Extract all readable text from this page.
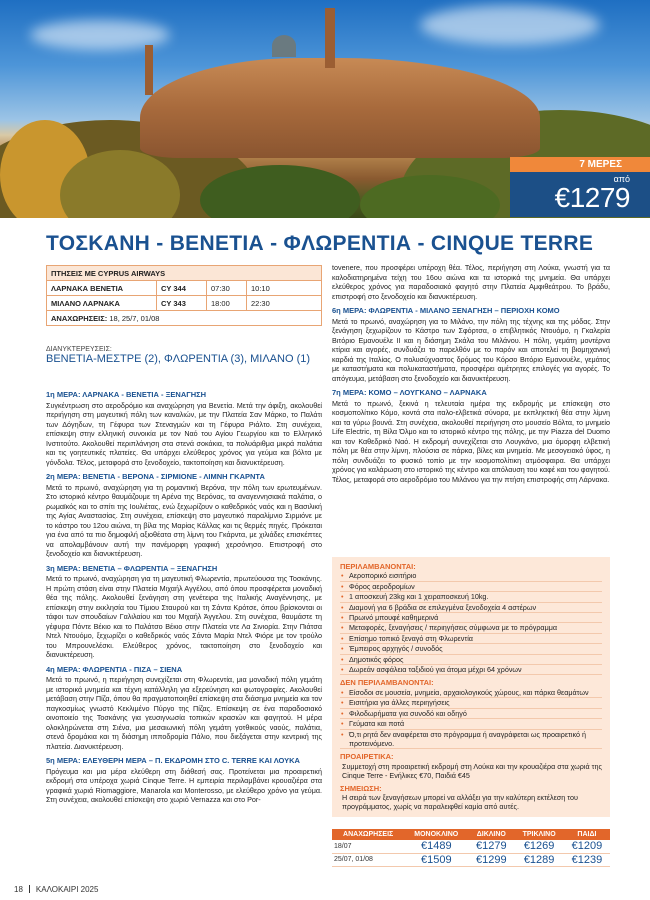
7 ΜΕΡΕΣ
από
€1279
ΤΟΣΚΑΝΗ - ΒΕΝΕΤΙΑ - ΦΛΩΡΕΝΤΙΑ - CINQUE TERRE
ΠΤΗΣΕΙΣ ΜΕ CYPRUS AIRWAYS			
ΛΑΡΝΑΚΑ ΒΕΝΕΤΙΑ	CY 344	07:30	10:10
ΜΙΛΑΝΟ ΛΑΡΝΑΚΑ	CY 343	18:00	22:30
ΑΝΑΧΩΡΗΣΕΙΣ: 18, 25/7, 01/08			
ΔΙΑΝΥΚΤΕΡΕΥΣΕΙΣ:
ΒΕΝΕΤΙΑ-ΜΕΣΤΡΕ (2), ΦΛΩΡΕΝΤΙΑ (3), ΜΙΛΑΝΟ (1)
1η ΜΕΡΑ: ΛΑΡΝΑΚΑ - ΒΕΝΕΤΙΑ - ΞΕΝΑΓΗΣΗ
Συγκέντρωση στο αεροδρόμιο και αναχώρηση για Βενετία. Μετά την άφιξη, ακολουθεί περιήγηση στη μαγευτική πόλη των καναλιών, με την Πλατεία Σαν Μάρκο, το Παλάτι των Δόγηδων, τη Γέφυρα των Στεναγμών και τη Γέφυρα Ριάλτο. Στη συνέχεια, επίσκεψη στην ελληνική συνοικία με τον Ναό του Αγίου Γεωργίου και το Ελληνικό Ινστιτούτο. Ακολουθεί περιπλάνηση στα στενά σοκάκια, τα πολυάριθμα μικρά παλάτια και τις γοητευτικές πλατείες. Θα υπάρχει ελεύθερος χρόνος για γεύμα και βόλτα με γόνδολα. Τέλος, μεταφορά στο ξενοδοχείο, τακτοποίηση και διανυκτέρευση.
2η ΜΕΡΑ: ΒΕΝΕΤΙΑ - ΒΕΡΟΝΑ - ΣΙΡΜΙΟΝΕ - ΛΙΜΝΗ ΓΚΑΡΝΤΑ
Μετά το πρωινό, αναχώρηση για τη ρομαντική Βερόνα, την πόλη των ερωτευμένων. Στο ιστορικό κέντρο θαυμάζουμε τη Αρένα της Βερόνας, τα αναγεννησιακά παλάτια, ο ρωμαϊκός και το σπίτι της Ιουλιέτας, ενώ ξεχωρίζουν ο καθεδρικός ναός και η Βασιλική της Αγίας Αναστασίας. Στη συνέχεια, επίσκεψη στο μαγευτικό παραλίμνιο Σιρμιόνε με το κάστρο του 12ου αιώνα, τη βίλα της Μαρίας Κάλλας και τις θερμές πηγές. Πρόκειται για ένα από τα πιο δημοφιλή αξιοθέατα στη λίμνη του Γκάρντα, με χιλιάδες επισκέπτες να απολαμβάνουν αυτή την πανέμορφη γραφική χερσόνησο. Επιστροφή στο ξενοδοχείο και διανυκτέρευση.
3η ΜΕΡΑ: ΒΕΝΕΤΙΑ – ΦΛΩΡΕΝΤΙΑ – ΞΕΝΑΓΗΣΗ
Μετά το πρωινό, αναχώρηση για τη μαγευτική Φλωρεντία, πρωτεύουσα της Τοσκάνης. Η πρώτη στάση είναι στην Πλατεία Μιχαήλ Αγγέλου, από όπου προσφέρεται μοναδική θέα της πόλης. Ακολουθεί ξενάγηση στη γενέτειρα της Ιταλικής Αναγέννησης, με επίσκεψη στην εκκλησία του Τίμιου Σταυρού και τη Σάντα Κρότσε, όπου βρίσκονται οι τάφοι των σπουδαίων Γαλιλαίου και του Μιχαήλ Άγγελου. Στη συνέχεια, θαυμάστε τη γέφυρα Πόντε Βέκιο και το Παλάτσο Βέκιο στην Πλατεία ντε Λα Σινιορία. Στην Πιάτσα Ντελ Ντουόμο, ξεχωρίζει ο καθεδρικός ναός Σάντα Μαρία Ντελ Φιόρε με τον τρούλο του Μπρουνελέσκι. Ελεύθερος χρόνος, τακτοποίηση στο ξενοδοχείο και διανυκτέρευση.
4η ΜΕΡΑ: ΦΛΩΡΕΝΤΙΑ - ΠΙΖΑ – ΣΙΕΝΑ
Μετά το πρωινό, η περιήγηση συνεχίζεται στη Φλωρεντία, μια μοναδική πόλη γεμάτη με ιστορικά μνημεία και τέχνη κατάλληλη για εξερεύνηση και φωτογραφίες. Ακολουθεί μετάβαση στην Πίζα, όπου θα πραγματοποιηθεί επίσκεψη στα διάσημα μνημεία και τον παγκοσμίως γνωστό Κεκλιμένο Πύργο της Πίζας. Επίσκεψη σε ένα παραδοσιακό οινοποιείο της Τοσκάνης για γευσιγνωσία τοπικών κρασιών και φαγητού. Η μέρα ολοκληρώνεται στη Σιένα, μια μεσαιωνική πόλη γεμάτη γοτθικούς ναούς, παλάτια, στενά δρομάκια και τη διάσημη ιπποδρομία Πάλιο, που διεξάγεται στην κεντρική της πλατεία. Διανυκτέρευση.
5η ΜΕΡΑ: ΕΛΕΥΘΕΡΗ ΜΕΡΑ – Π. ΕΚΔΡΟΜΗ ΣΤΟ C. TERRE ΚΑΙ ΛΟΥΚΑ
Πρόγευμα και μια μέρα ελεύθερη στη διάθεσή σας. Προτείνεται μια προαιρετική εκδρομή στα υπέροχα χωριά Cinque Terre. Η εμπειρία περιλαμβάνει κρουαζιέρα στα γραφικά χωριά Riomaggiore, Manarola και Monterosso, με ελεύθερο χρόνο για γεύμα. Στη συνέχεια, ακολουθεί επίσκεψη στο χωριό Vernazza και στο Por-
tovenere, που προσφέρει υπέροχη θέα. Τέλος, περιήγηση στη Λούκα, γνωστή για τα καλοδιατηρημένα τείχη του 16ου αιώνα και τα ιστορικά της μνημεία. Θα υπάρχει ελεύθερος χρόνος για παραδοσιακό φαγητό στην Πλατεία Αμφιθεάτρου. Το βράδυ, επιστροφή στο ξενοδοχείο και διανυκτέρευση.
6η ΜΕΡΑ: ΦΛΩΡΕΝΤΙΑ - ΜΙΛΑΝΟ ΞΕΝΑΓΗΣΗ – ΠΕΡΙΟΧΗ ΚΟΜΟ
Μετά το πρωινό, αναχώρηση για το Μιλάνο, την πόλη της τέχνης και της μόδας. Στην ξενάγηση ξεχωρίζουν το Κάστρο των Σφόρτσα, ο επιβλητικός Ντουόμο, η Γκαλερία Βιτόριο Εμανουέλε ΙΙ και η διάσημη Σκάλα του Μιλάνου. Η πόλη, γεμάτη μοντέρνα κτίρια και αγορές, συνδυάζει το παρελθόν με το παρόν και αποτελεί τη βιομηχανική καρδιά της Ιταλίας. Ο πολυσύχναστος δρόμος του Κόρσο Βιτόριο Εμανουέλε, γεμάτος με καταστήματα και πολυκαταστήματα, προσφέρει αμέτρητες επιλογές για αγορές. Το απόγευμα, μετάβαση στο ξενοδοχείο και διανυκτέρευση.
7η ΜΕΡΑ: ΚΟΜΟ – ΛΟΥΓΚΑΝΟ – ΛΑΡΝΑΚΑ
Μετά το πρωινό, ξεκινά η τελευταία ημέρα της εκδρομής με επίσκεψη στο κοσμοπολίτικο Κόμο, κοντά στα ιταλο-ελβετικά σύνορα, με εκπληκτική θέα στην λίμνη και τα γύρω βουνά. Στη συνέχεια, ακολουθεί περιήγηση στο μουσείο Βόλτα, το μνημείο Life Electric, τη Βίλα Όλμο και το ιστορικό κέντρο της πόλης, με την Piazza del Duomo και τον Καθεδρικό Ναό. Η εκδρομή συνεχίζεται στο Λουγκάνο, μια όμορφη ελβετική πόλη με θέα στην λίμνη, πλούσια σε πάρκα, βίλες και μνημεία. Με μεσογειακό ύφος, η πόλη συνδυάζει το φυσικό τοπίο με την κοσμοπολίτικη ατμόσφαιρα. Θα υπάρχει χρόνος για καλάρωση στο ιστορικό της κέντρο και απόλαυση του καφέ και του φαγητού. Τέλος, μεταφορά στο αεροδρόμιο του Μιλάνου για την πτήση επιστροφής στη Λάρνακα.
ΠΕΡΙΛΑΜΒΑΝΟΝΤΑΙ:
• Αεροπορικό εισιτήριο
• Φόρος αεροδρομίων
• 1 αποσκευή 23kg και 1 χειραποσκευή 10kg.
• Διαμονή για 6 βράδια σε επιλεγμένα ξενοδοχεία 4 αστέρων
• Πρωινό μπουφέ καθημερινά
• Μεταφορές, ξεναγήσεις / περιηγήσεις σύμφωνα με το πρόγραμμα
• Επίσημο τοπικό ξεναγό στη Φλωρεντία
• Έμπειρος αρχηγός / συνοδός
• Δημοτικός φόρος
• Δωρεάν ασφάλεια ταξιδιού για άτομα μέχρι 64 χρόνων
ΔΕΝ ΠΕΡΙΛΑΜΒΑΝΟΝΤΑΙ:
• Είσοδοι σε μουσεία, μνημεία, αρχαιολογικούς χώρους, και πάρκα θεαμάτων
• Εισιτήρια για άλλες περιηγήσεις
• Φιλοδωρήματα για συνοδό και οδηγό
• Γεύματα και ποτά
• Ό,τι ρητά δεν αναφέρεται στο πρόγραμμα ή αναγράφεται ως προαιρετικό ή προτεινόμενο.
ΠΡΟΑΙΡΕΤΙΚΑ:
Συμμετοχή στη προαιρετική εκδρομή στη Λούκα και την κρουαζιέρα στα χωριά της Cinque Terre - Ενήλικες €70, Παιδιά €45
ΣΗΜΕΙΩΣΗ:
Η σειρά των ξεναγήσεων μπορεί να αλλάξει για την καλύτερη εκτέλεση του προγράμματος, χωρίς να παραλειφθεί καμία από αυτές.
ΑΝΑΧΩΡΗΣΕΙΣ	ΜΟΝΟΚΛΙΝΟ	ΔΙΚΛΙΝΟ	ΤΡΙΚΛΙΝΟ	ΠΑΙΔΙ
18/07	€1489	€1279	€1269	€1209
25/07, 01/08	€1509	€1299	€1289	€1239
18 ΚΑΛΟΚΑΙΡΙ 2025
